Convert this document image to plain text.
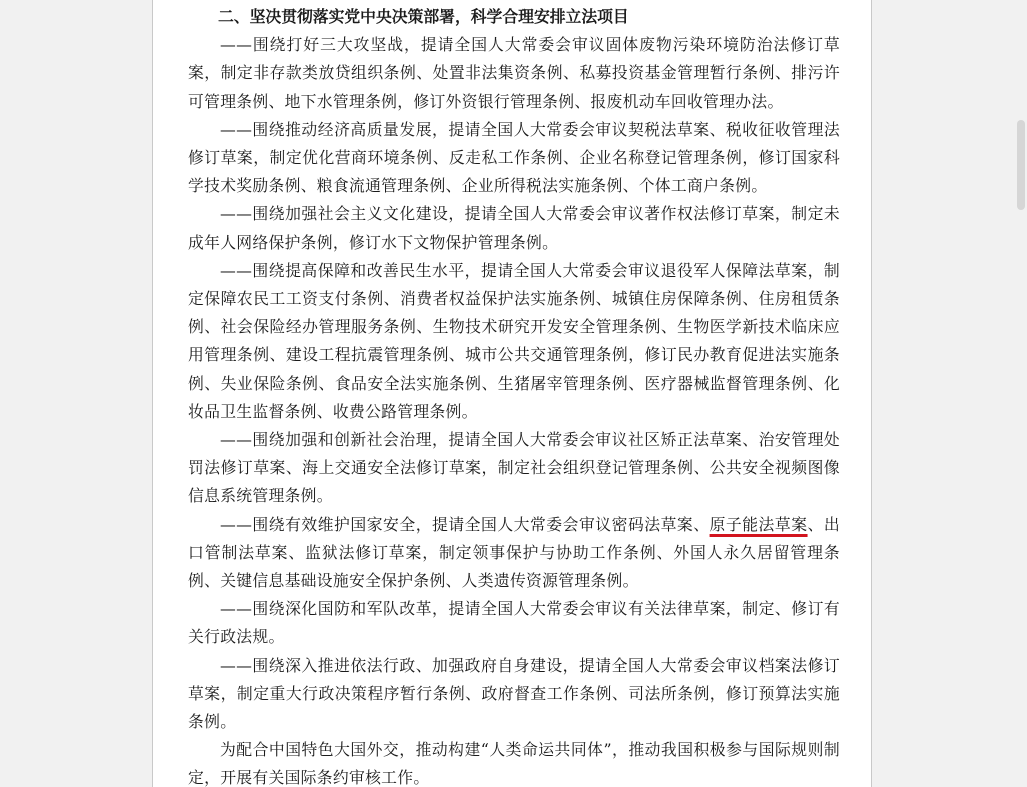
二、坚决贯彻落实党中央决策部署，科学合理安排立法项目

——围绕打好三大攻坚战，提请全国人大常委会审议固体废物污染环境防治法修订草案，制定非存款类放贷组织条例、处置非法集资条例、私募投资基金管理暂行条例、排污许可管理条例、地下水管理条例，修订外资银行管理条例、报废机动车回收管理办法。

——围绕推动经济高质量发展，提请全国人大常委会审议契税法草案、税收征收管理法修订草案，制定优化营商环境条例、反走私工作条例、企业名称登记管理条例，修订国家科学技术奖励条例、粮食流通管理条例、企业所得税法实施条例、个体工商户条例。

——围绕加强社会主义文化建设，提请全国人大常委会审议著作权法修订草案，制定未成年人网络保护条例，修订水下文物保护管理条例。

——围绕提高保障和改善民生水平，提请全国人大常委会审议退役军人保障法草案，制定保障农民工工资支付条例、消费者权益保护法实施条例、城镇住房保障条例、住房租赁条例、社会保险经办管理服务条例、生物技术研究开发安全管理条例、生物医学新技术临床应用管理条例、建设工程抗震管理条例、城市公共交通管理条例，修订民办教育促进法实施条例、失业保险条例、食品安全法实施条例、生猪屠宰管理条例、医疗器械监督管理条例、化妆品卫生监督条例、收费公路管理条例。

——围绕加强和创新社会治理，提请全国人大常委会审议社区矫正法草案、治安管理处罚法修订草案、海上交通安全法修订草案，制定社会组织登记管理条例、公共安全视频图像信息系统管理条例。

——围绕有效维护国家安全，提请全国人大常委会审议密码法草案、原子能法草案、出口管制法草案、监狱法修订草案，制定领事保护与协助工作条例、外国人永久居留管理条例、关键信息基础设施安全保护条例、人类遗传资源管理条例。

——围绕深化国防和军队改革，提请全国人大常委会审议有关法律草案，制定、修订有关行政法规。

——围绕深入推进依法行政、加强政府自身建设，提请全国人大常委会审议档案法修订草案，制定重大行政决策程序暂行条例、政府督查工作条例、司法所条例，修订预算法实施条例。

为配合中国特色大国外交，推动构建“人类命运共同体”，推动我国积极参与国际规则制定，开展有关国际条约审核工作。
